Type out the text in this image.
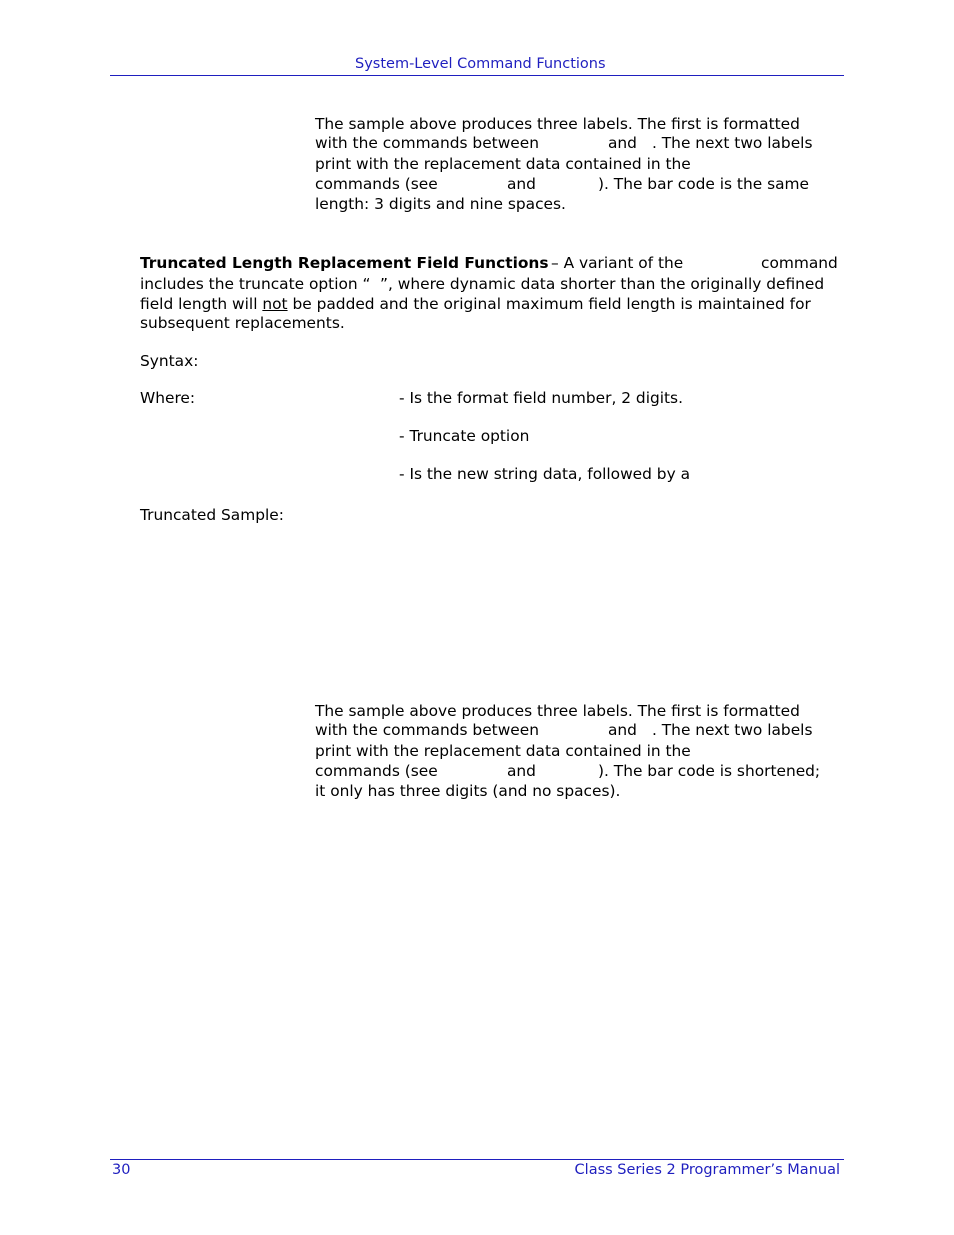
System-Level Command Functions
The sample above produces three labels. The first is formatted
with the commands between	and . The next two labels
print with the replacement data contained in the
commands (see	and	). The bar code is the same
length: 3 digits and nine spaces.
Truncated Length Replacement Field Functions – A variant of the	command
includes the truncate option “ ”, where dynamic data shorter than the originally defined
field length will not be padded and the original maximum field length is maintained for
subsequent replacements.
Syntax:
Where:	- Is the format field number, 2 digits.
- Truncate option
- Is the new string data, followed by a
Truncated Sample:
The sample above produces three labels. The first is formatted
with the commands between	and . The next two labels
print with the replacement data contained in the
commands (see	and	). The bar code is shortened;
it only has three digits (and no spaces).
30	Class Series 2 Programmer’s Manual
